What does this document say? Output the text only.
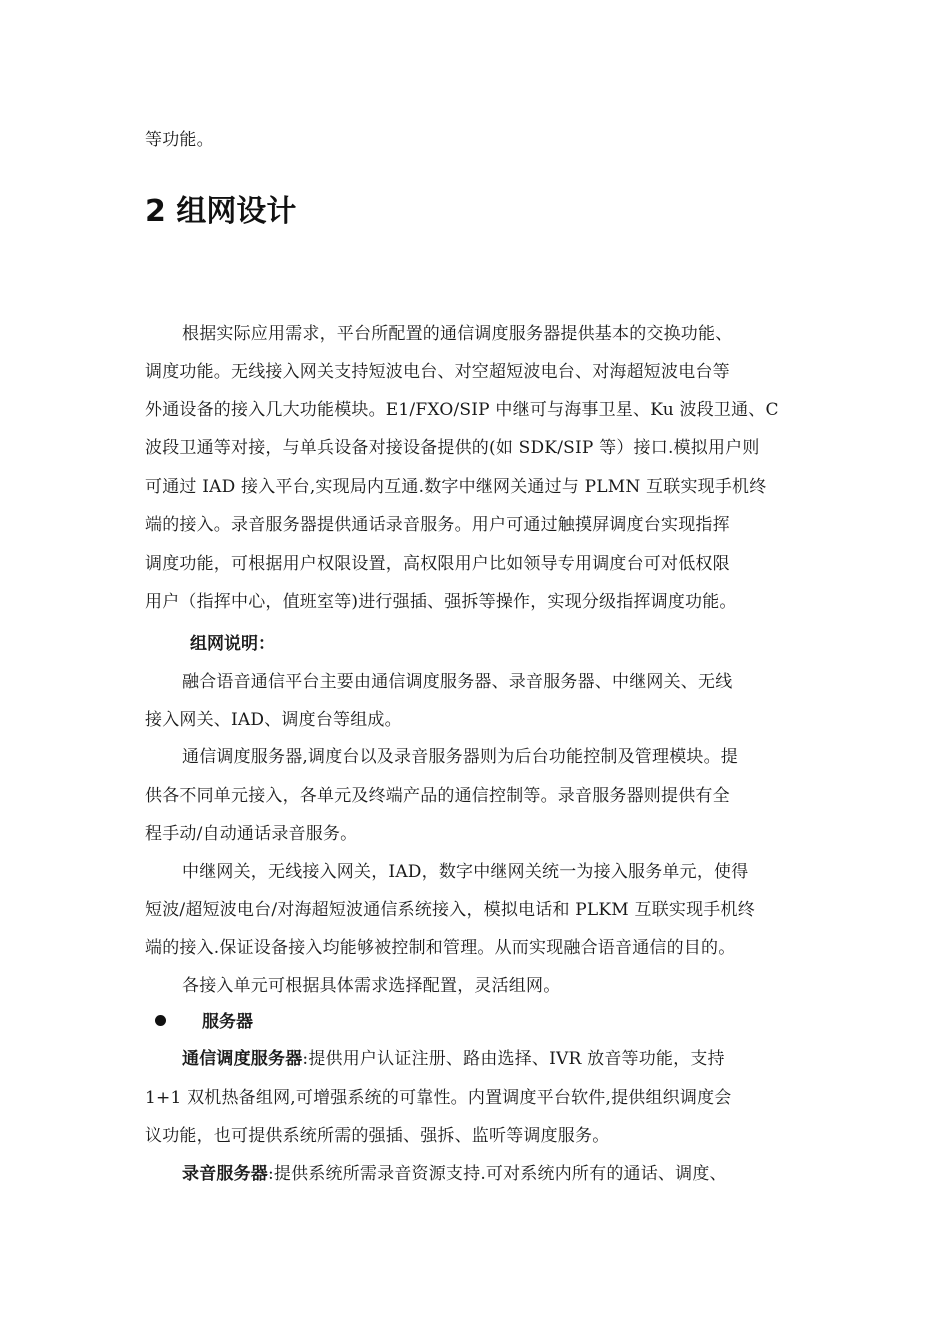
等功能。
2 组网设计
根据实际应用需求，平台所配置的通信调度服务器提供基本的交换功能、
调度功能。无线接入网关支持短波电台、对空超短波电台、对海超短波电台等
外通设备的接入几大功能模块。E1/FXO/SIP 中继可与海事卫星、Ku 波段卫通、C
波段卫通等对接，与单兵设备对接设备提供的(如 SDK/SIP 等）接口.模拟用户则
可通过 IAD 接入平台,实现局内互通.数字中继网关通过与 PLMN 互联实现手机终
端的接入。录音服务器提供通话录音服务。用户可通过触摸屏调度台实现指挥
调度功能，可根据用户权限设置，高权限用户比如领导专用调度台可对低权限
用户（指挥中心，值班室等)进行强插、强拆等操作，实现分级指挥调度功能。
组网说明：
融合语音通信平台主要由通信调度服务器、录音服务器、中继网关、无线
接入网关、IAD、调度台等组成。
通信调度服务器,调度台以及录音服务器则为后台功能控制及管理模块。提
供各不同单元接入，各单元及终端产品的通信控制等。录音服务器则提供有全
程手动/自动通话录音服务。
中继网关，无线接入网关，IAD，数字中继网关统一为接入服务单元，使得
短波/超短波电台/对海超短波通信系统接入，模拟电话和 PLKM 互联实现手机终
端的接入.保证设备接入均能够被控制和管理。从而实现融合语音通信的目的。
各接入单元可根据具体需求选择配置，灵活组网。
服务器
通信调度服务器:提供用户认证注册、路由选择、IVR 放音等功能，支持
1+1 双机热备组网,可增强系统的可靠性。内置调度平台软件,提供组织调度会
议功能，也可提供系统所需的强插、强拆、监听等调度服务。
录音服务器:提供系统所需录音资源支持.可对系统内所有的通话、调度、
